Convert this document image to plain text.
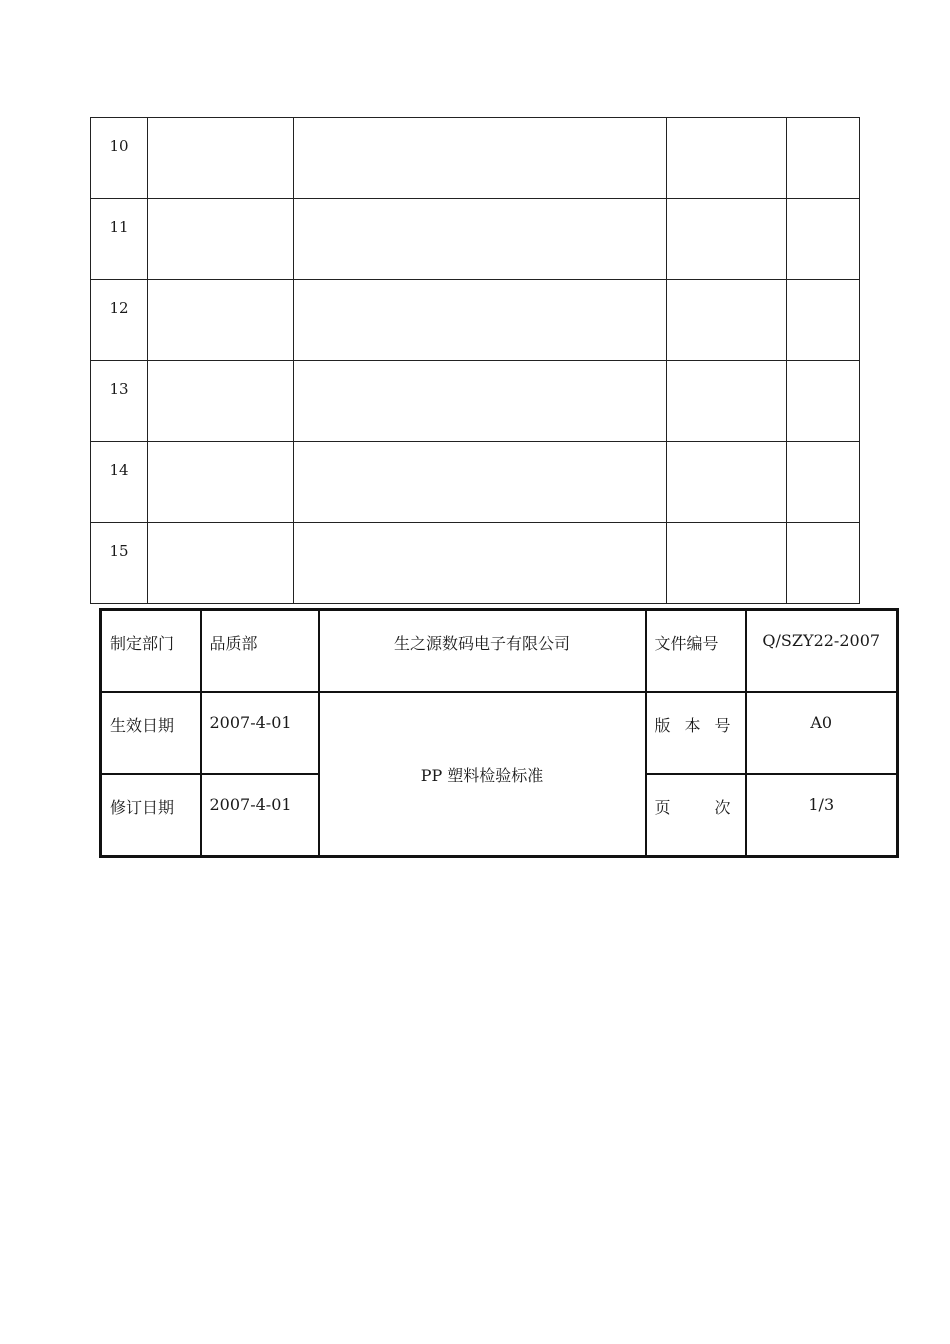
10				
11				
12				
13				
14				
15				
制定部门	品质部	生之源数码电子有限公司	文件编号	Q/SZY22-2007

生效日期	2007-4-01	PP 塑料检验标准	版 本 号	A0

修订日期	2007-4-01		页 次	1/3
